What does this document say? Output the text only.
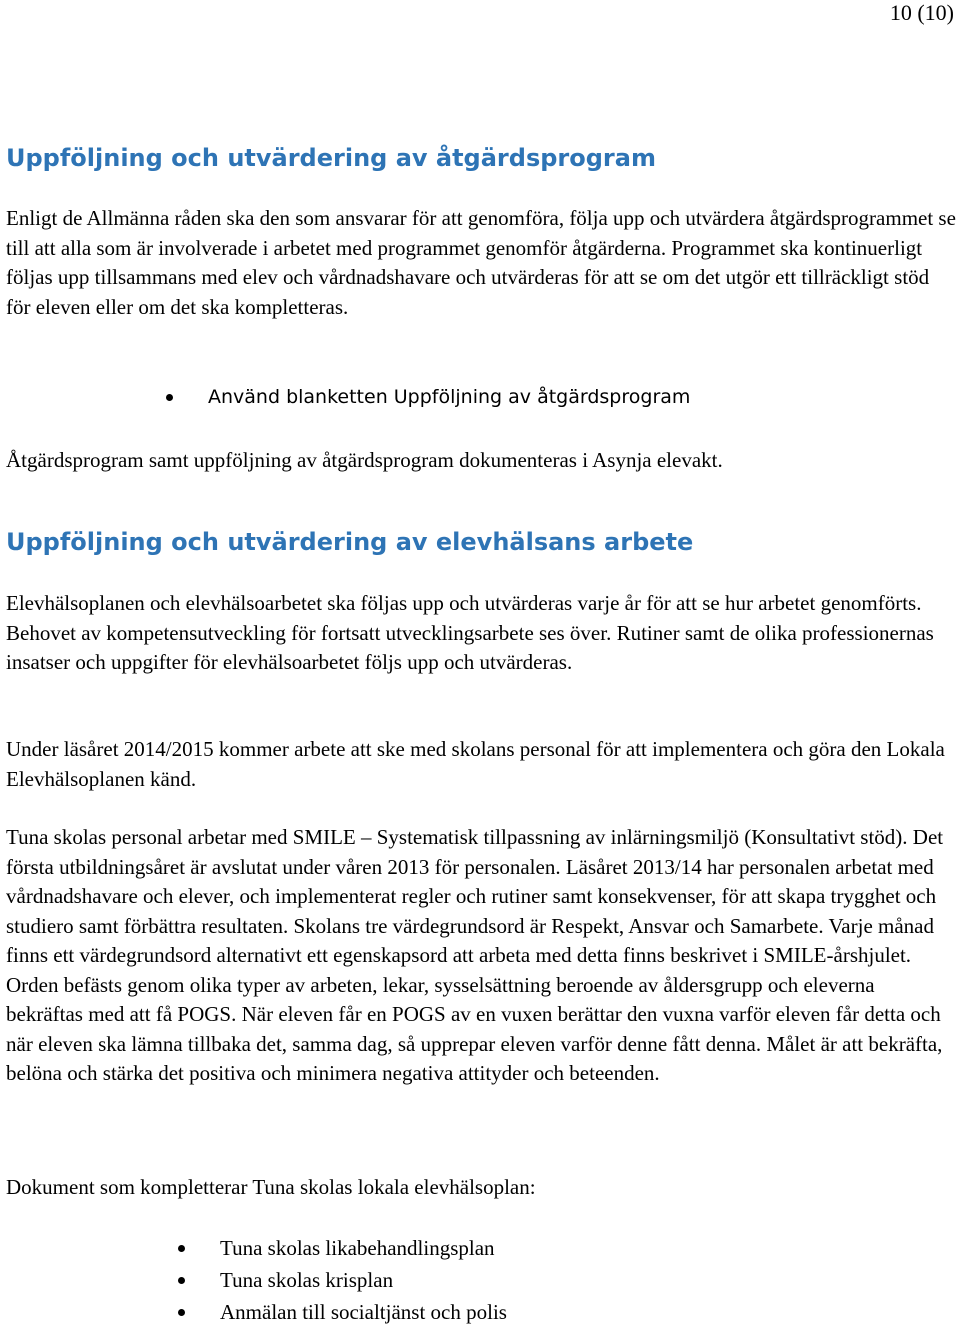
10 (10)
Uppföljning och utvärdering av åtgärdsprogram

Enligt de Allmänna råden ska den som ansvarar för att genomföra, följa upp och utvärdera åtgärdsprogrammet se till att alla som är involverade i arbetet med programmet genomför åtgärderna. Programmet ska kontinuerligt följas upp tillsammans med elev och vårdnadshavare och utvärderas för att se om det utgör ett tillräckligt stöd för eleven eller om det ska kompletteras.

Använd blanketten Uppföljning av åtgärdsprogram

Åtgärdsprogram samt uppföljning av åtgärdsprogram dokumenteras i Asynja elevakt.

Uppföljning och utvärdering av elevhälsans arbete

Elevhälsoplanen och elevhälsoarbetet ska följas upp och utvärderas varje år för att se hur arbetet genomförts. Behovet av kompetensutveckling för fortsatt utvecklingsarbete ses över. Rutiner samt de olika professionernas insatser och uppgifter för elevhälsoarbetet följs upp och utvärderas.

Under läsåret 2014/2015 kommer arbete att ske med skolans personal för att implementera och göra den Lokala Elevhälsoplanen känd.

Tuna skolas personal arbetar med SMILE – Systematisk tillpassning av inlärningsmiljö (Konsultativt stöd). Det första utbildningsåret är avslutat under våren 2013 för personalen. Läsåret 2013/14 har personalen arbetat med vårdnadshavare och elever, och implementerat regler och rutiner samt konsekvenser, för att skapa trygghet och studiero samt förbättra resultaten. Skolans tre värdegrundsord är Respekt, Ansvar och Samarbete. Varje månad finns ett värdegrundsord alternativt ett egenskapsord att arbeta med detta finns beskrivet i SMILE-årshjulet. Orden befästs genom olika typer av arbeten, lekar, sysselsättning beroende av åldersgrupp och eleverna bekräftas med att få POGS. När eleven får en POGS av en vuxen berättar den vuxna varför eleven får detta och när eleven ska lämna tillbaka det, samma dag, så upprepar eleven varför denne fått denna. Målet är att bekräfta, belöna och stärka det positiva och minimera negativa attityder och beteenden.

Dokument som kompletterar Tuna skolas lokala elevhälsoplan:

Tuna skolas likabehandlingsplan
Tuna skolas krisplan
Anmälan till socialtjänst och polis
